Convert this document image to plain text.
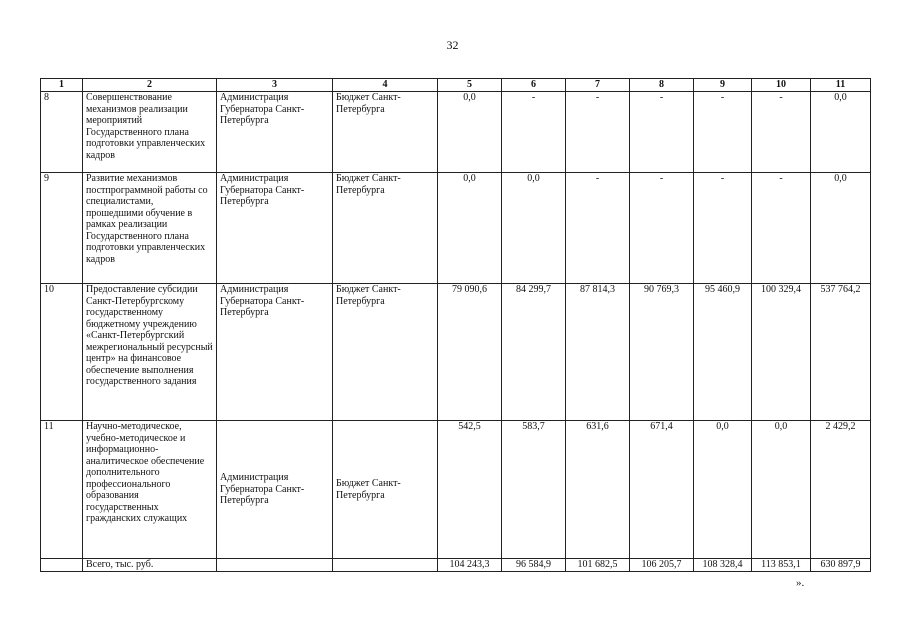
32
1	2	3	4	5	6	7	8	9	10	11
8	Совершенствование механизмов реализации мероприятий Государственного плана подготовки управленческих кадров	Администрация Губернатора Санкт-Петербурга	Бюджет Санкт-Петербурга	0,0	-	-	-	-	-	0,0
9	Развитие механизмов постпрограммной работы со специалистами, прошедшими обучение в рамках реализации Государственного плана подготовки управленческих кадров	Администрация Губернатора Санкт-Петербурга	Бюджет Санкт-Петербурга	0,0	0,0	-	-	-	-	0,0
10	Предоставление субсидии Санкт-Петербургскому государственному бюджетному учреждению «Санкт-Петербургский межрегиональный ресурсный центр» на финансовое обеспечение выполнения государственного задания	Администрация Губернатора Санкт-Петербурга	Бюджет Санкт-Петербурга	79 090,6	84 299,7	87 814,3	90 769,3	95 460,9	100 329,4	537 764,2
11	Научно-методическое, учебно-методическое и информационно-аналитическое обеспечение дополнительного профессионального образования государственных гражданских служащих	Администрация Губернатора Санкт-Петербурга	Бюджет Санкт-Петербурга	542,5	583,7	631,6	671,4	0,0	0,0	2 429,2
	Всего, тыс. руб.			104 243,3	96 584,9	101 682,5	106 205,7	108 328,4	113 853,1	630 897,9
».
